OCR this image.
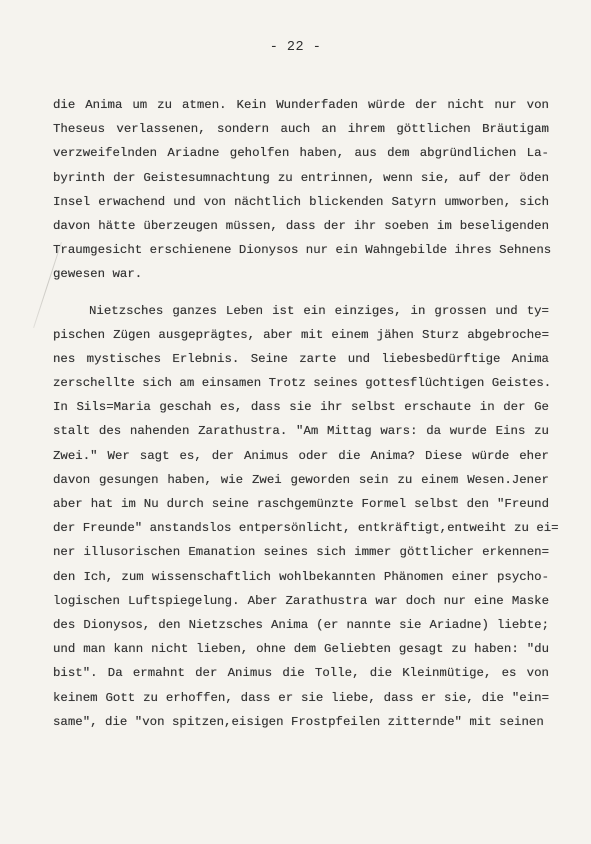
- 22 -
die Anima um zu atmen. Kein Wunderfaden würde der nicht nur von
Theseus verlassenen, sondern auch an ihrem göttlichen Bräutigam
verzweifelnden Ariadne geholfen haben, aus dem abgründlichen La-
byrinth der Geistesumnachtung zu entrinnen, wenn sie, auf der öden
Insel erwachend und von nächtlich blickenden Satyrn umworben, sich
davon hätte überzeugen müssen, dass der ihr soeben im beseligenden
Traumgesicht erschienene Dionysos nur ein Wahngebilde ihres Sehnens
gewesen war.
Nietzsches ganzes Leben ist ein einziges, in grossen und ty=
pischen Zügen ausgeprägtes, aber mit einem jähen Sturz abgebroche=
nes mystisches Erlebnis. Seine zarte und liebesbedürftige Anima
zerschellte sich am einsamen Trotz seines gottesflüchtigen Geistes.
In Sils=Maria geschah es, dass sie ihr selbst erschaute in der Ge
stalt des nahenden Zarathustra. "Am Mittag wars: da wurde Eins zu
Zwei." Wer sagt es, der Animus oder die Anima? Diese würde eher
davon gesungen haben, wie Zwei geworden sein zu einem Wesen.Jener
aber hat im Nu durch seine raschgemünzte Formel selbst den "Freund
der Freunde" anstandslos entpersönlicht, entkräftigt,entweiht zu ei=
ner illusorischen Emanation seines sich immer göttlicher erkennen=
den Ich, zum wissenschaftlich wohlbekannten Phänomen einer psycho-
logischen Luftspiegelung. Aber Zarathustra war doch nur eine Maske
des Dionysos, den Nietzsches Anima (er nannte sie Ariadne) liebte;
und man kann nicht lieben, ohne dem Geliebten gesagt zu haben: "du
bist". Da ermahnt der Animus die Tolle, die Kleinmütige, es von
keinem Gott zu erhoffen, dass er sie liebe, dass er sie, die "ein=
same", die "von spitzen,eisigen Frostpfeilen zitternde" mit seinen
